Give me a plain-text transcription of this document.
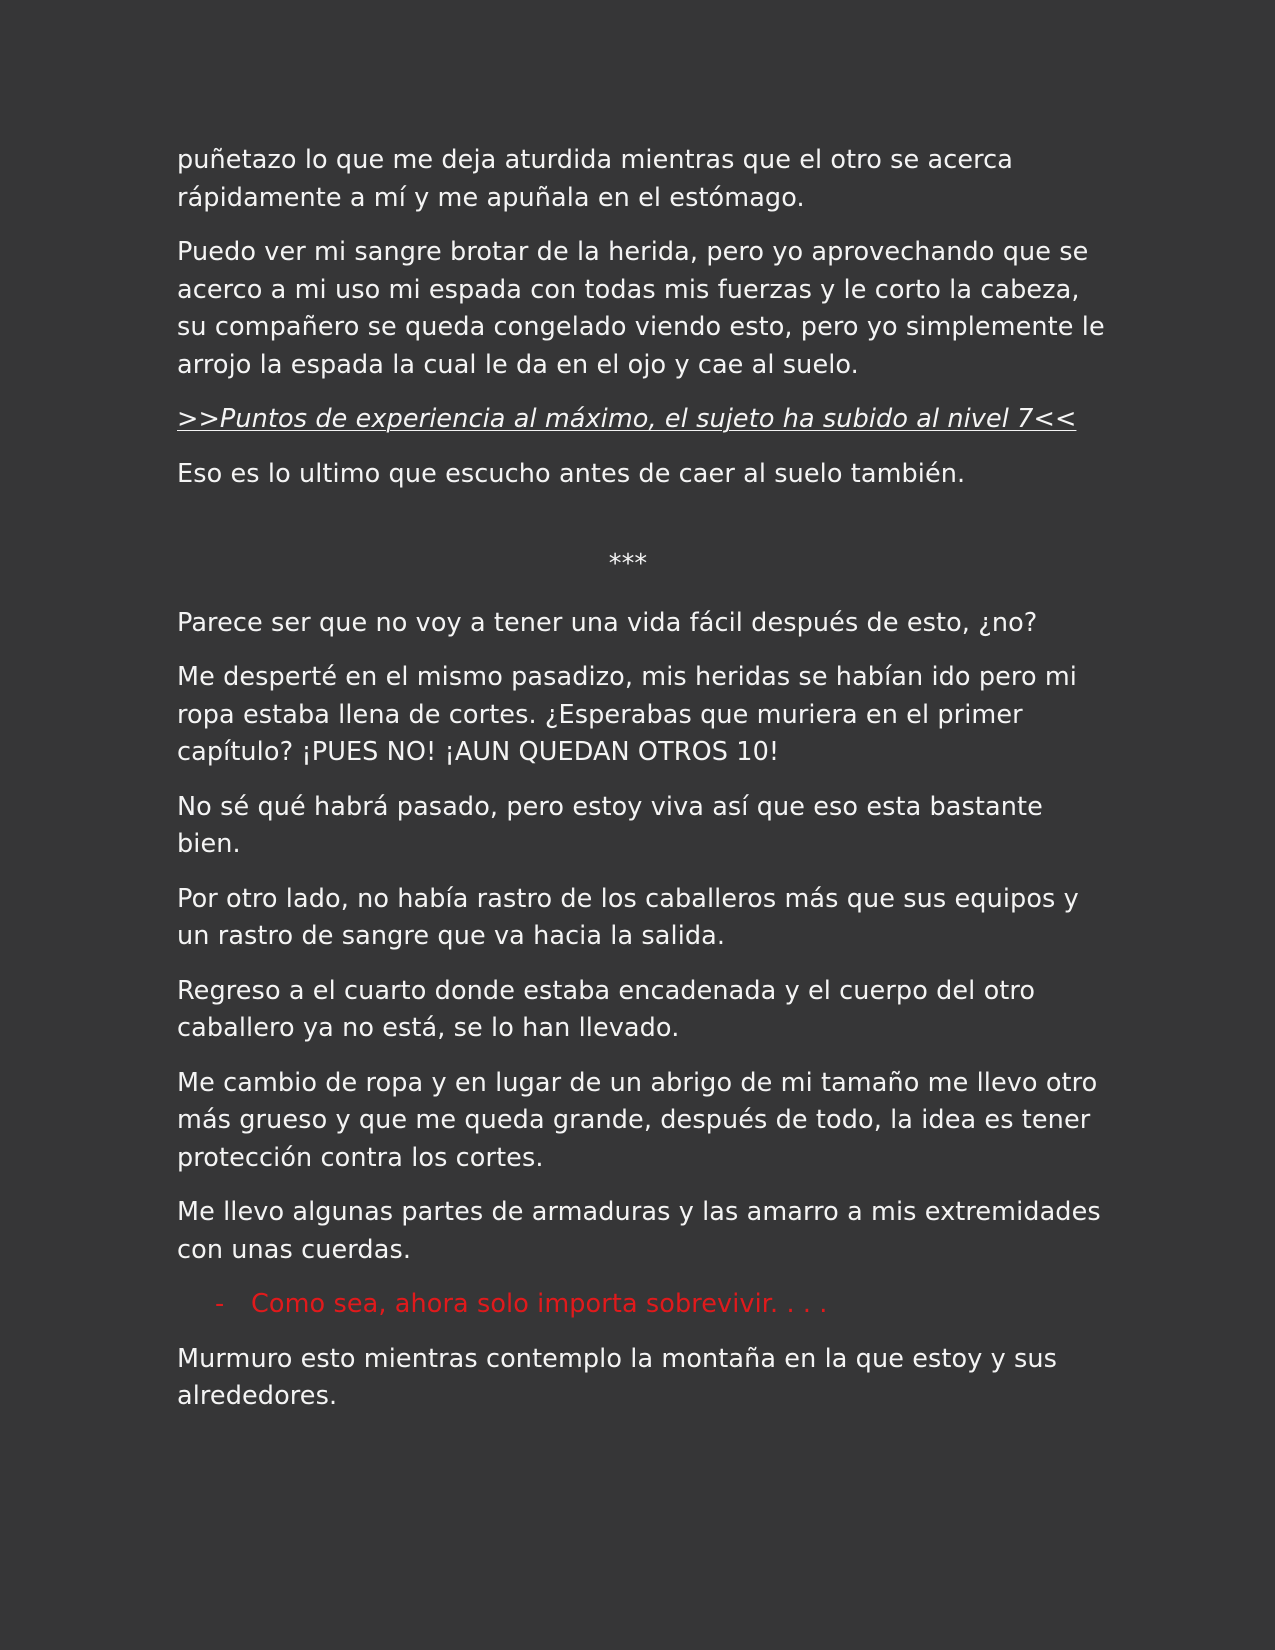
puñetazo lo que me deja aturdida mientras que el otro se acerca rápidamente a mí y me apuñala en el estómago.

Puedo ver mi sangre brotar de la herida, pero yo aprovechando que se acerco a mi uso mi espada con todas mis fuerzas y le corto la cabeza, su compañero se queda congelado viendo esto, pero yo simplemente le arrojo la espada la cual le da en el ojo y cae al suelo.

>>Puntos de experiencia al máximo, el sujeto ha subido al nivel 7<<

Eso es lo ultimo que escucho antes de caer al suelo también.

***

Parece ser que no voy a tener una vida fácil después de esto, ¿no?

Me desperté en el mismo pasadizo, mis heridas se habían ido pero mi ropa estaba llena de cortes. ¿Esperabas que muriera en el primer capítulo? ¡PUES NO! ¡AUN QUEDAN OTROS 10!

No sé qué habrá pasado, pero estoy viva así que eso esta bastante bien.

Por otro lado, no había rastro de los caballeros más que sus equipos y un rastro de sangre que va hacia la salida.

Regreso a el cuarto donde estaba encadenada y el cuerpo del otro caballero ya no está, se lo han llevado.

Me cambio de ropa y en lugar de un abrigo de mi tamaño me llevo otro más grueso y que me queda grande, después de todo, la idea es tener protección contra los cortes.

Me llevo algunas partes de armaduras y las amarro a mis extremidades con unas cuerdas.

- Como sea, ahora solo importa sobrevivir. . . .

Murmuro esto mientras contemplo la montaña en la que estoy y sus alrededores.
